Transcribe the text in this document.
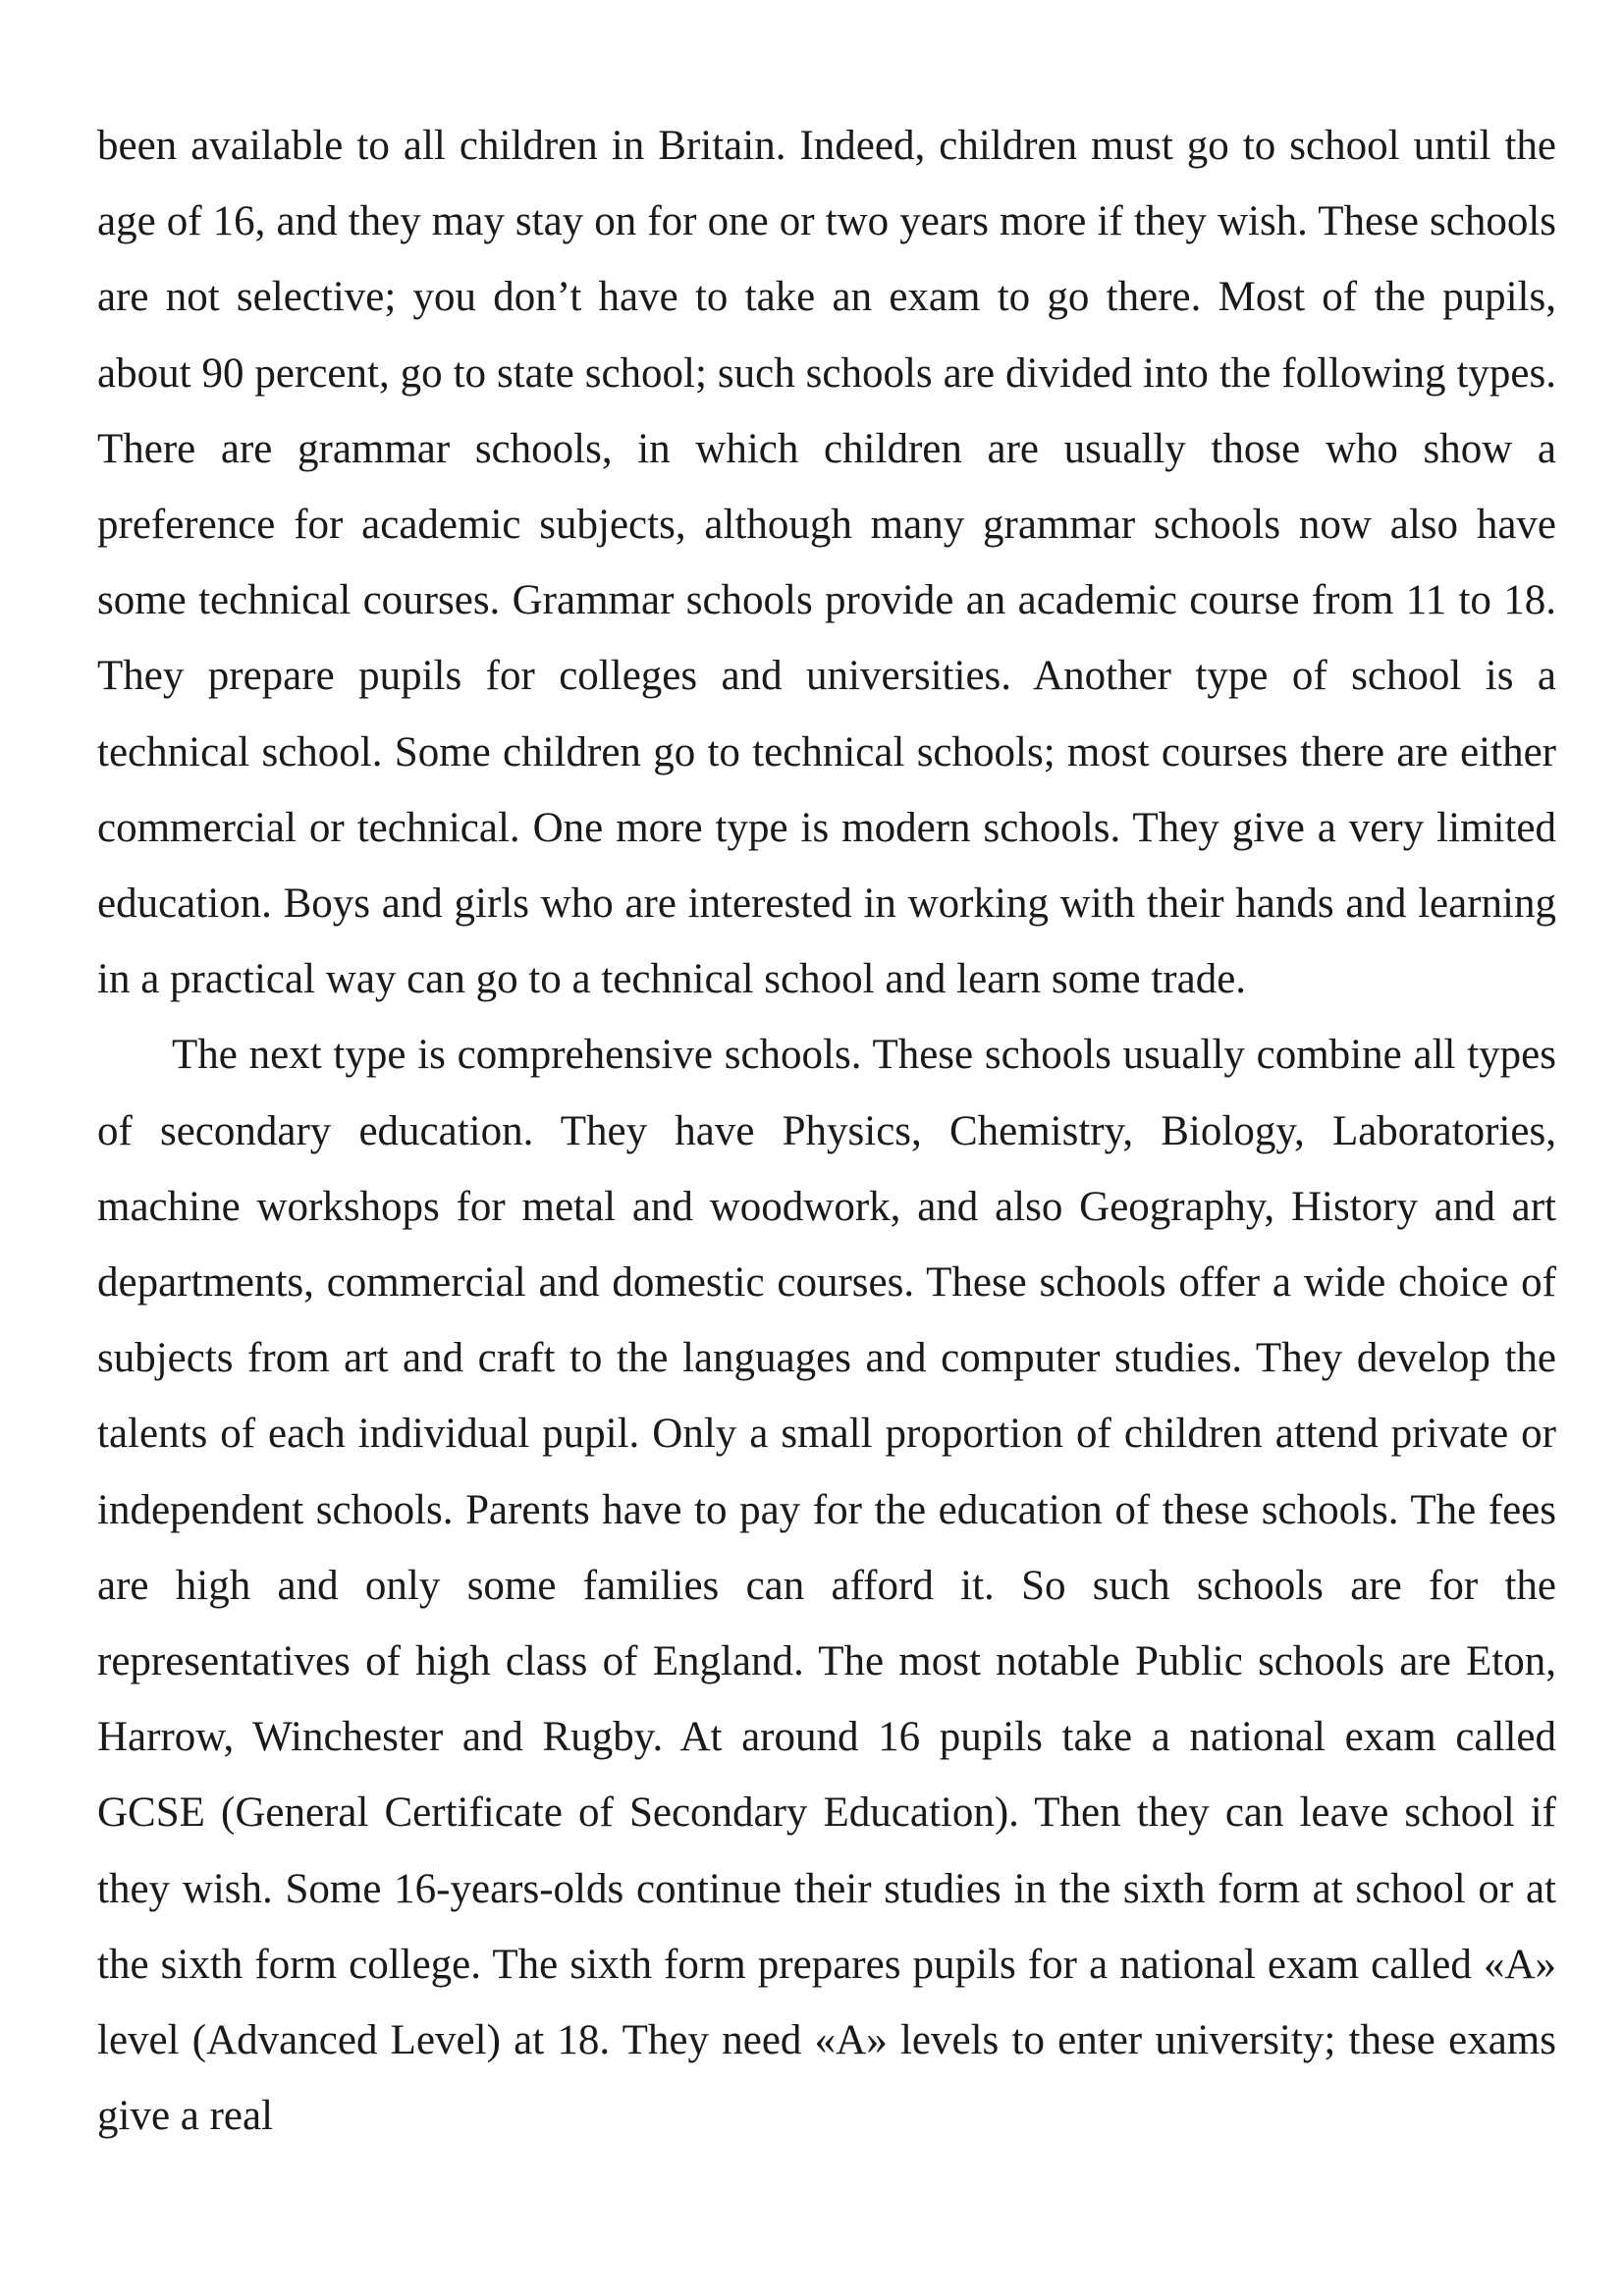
been available to all children in Britain. Indeed, children must go to school until the age of 16, and they may stay on for one or two years more if they wish. These schools are not selective; you don’t have to take an exam to go there. Most of the pupils, about 90 percent, go to state school; such schools are divided into the following types. There are grammar schools, in which children are usually those who show a preference for academic subjects, although many grammar schools now also have some technical courses. Grammar schools provide an academic course from 11 to 18. They prepare pupils for colleges and universities. Another type of school is a technical school. Some children go to technical schools; most courses there are either commercial or technical. One more type is modern schools. They give a very limited education. Boys and girls who are interested in working with their hands and learning in a practical way can go to a technical school and learn some trade.

The next type is comprehensive schools. These schools usually combine all types of secondary education. They have Physics, Chemistry, Biology, Laboratories, machine workshops for metal and woodwork, and also Geography, History and art departments, commercial and domestic courses. These schools offer a wide choice of subjects from art and craft to the languages and computer studies. They develop the talents of each individual pupil. Only a small proportion of children attend private or independent schools. Parents have to pay for the education of these schools. The fees are high and only some families can afford it. So such schools are for the representatives of high class of England. The most notable Public schools are Eton, Harrow, Winchester and Rugby. At around 16 pupils take a national exam called GCSE (General Certificate of Secondary Education). Then they can leave school if they wish. Some 16-years-olds continue their studies in the sixth form at school or at the sixth form college. The sixth form prepares pupils for a national exam called «A» level (Advanced Level) at 18. They need «A» levels to enter university; these exams give a real
